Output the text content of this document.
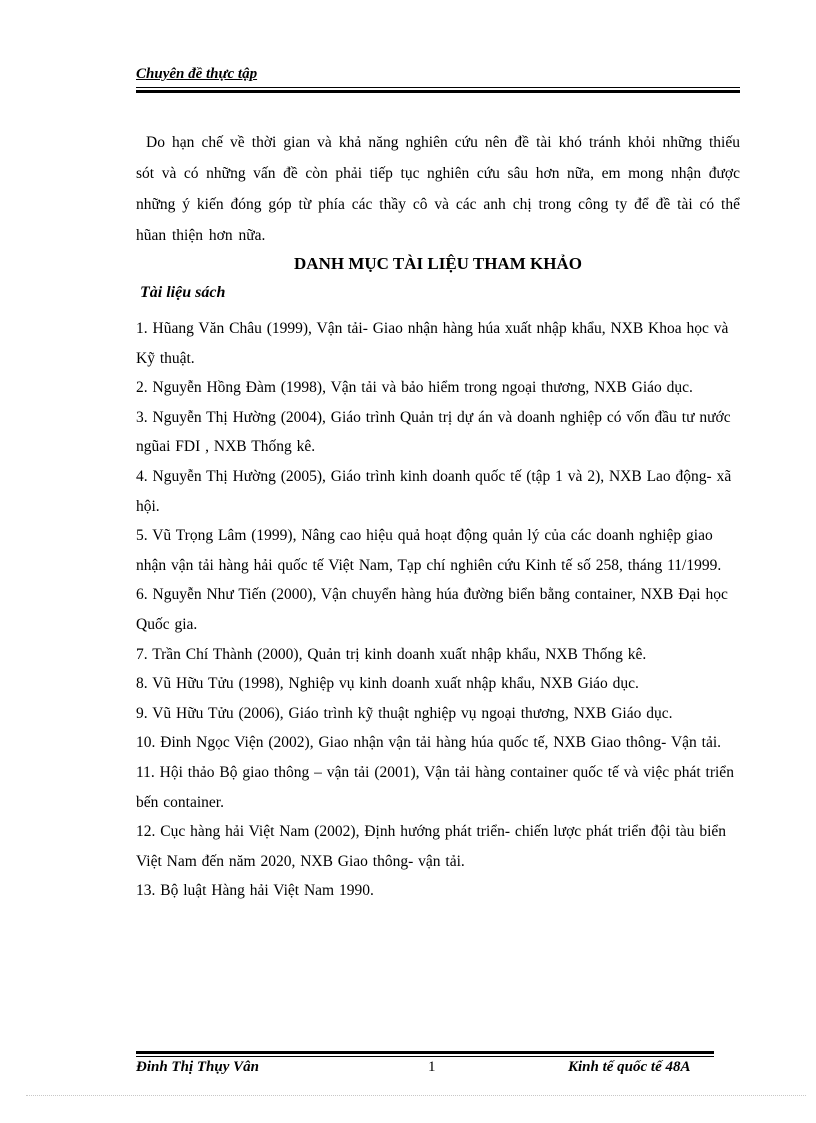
Chuyên đề thực tập

Do hạn chế về thời gian và khả năng nghiên cứu nên đề tài khó tránh khỏi những thiếu sót và có những vấn đề còn phải tiếp tục nghiên cứu sâu hơn nữa, em mong nhận được những ý kiến đóng góp từ phía các thầy cô và các anh chị trong công ty để đề tài có thể hũan thiện hơn nữa.

DANH MỤC TÀI LIỆU THAM KHẢO
Tài liệu sách
1. Hũang Văn Châu (1999), Vận tải- Giao nhận hàng húa xuất nhập khẩu, NXB Khoa học và Kỹ thuật.
2. Nguyễn Hồng Đàm (1998), Vận tải và bảo hiểm trong ngoại thương, NXB Giáo dục.
3. Nguyễn Thị Hường (2004), Giáo trình Quản trị dự án và doanh nghiệp có vốn đầu tư nước ngũai FDI , NXB Thống kê.
4. Nguyễn Thị Hường (2005), Giáo trình kinh doanh quốc tế (tập 1 và 2), NXB Lao động- xã hội.
5. Vũ Trọng Lâm (1999), Nâng cao hiệu quả hoạt động quản lý của các doanh nghiệp giao nhận vận tải hàng hải quốc tế Việt Nam, Tạp chí nghiên cứu Kinh tế số 258, tháng 11/1999.
6. Nguyễn Như Tiến (2000), Vận chuyển hàng húa đường biển bằng container, NXB Đại học Quốc gia.
7. Trần Chí Thành (2000), Quản trị kinh doanh xuất nhập khẩu, NXB Thống kê.
8. Vũ Hữu Tửu (1998), Nghiệp vụ kinh doanh xuất nhập khẩu, NXB Giáo dục.
9. Vũ Hữu Tửu (2006), Giáo trình kỹ thuật nghiệp vụ ngoại thương, NXB Giáo dục.
10. Đinh Ngọc Viện (2002), Giao nhận vận tải hàng húa quốc tế, NXB Giao thông- Vận tải.
11. Hội thảo Bộ giao thông – vận tải (2001), Vận tải hàng container quốc tế và việc phát triển bến container.
12. Cục hàng hải Việt Nam (2002), Định hướng phát triển- chiến lược phát triển đội tàu biển Việt Nam đến năm 2020, NXB Giao thông- vận tải.
13. Bộ luật Hàng hải Việt Nam 1990.
Đinh Thị Thụy Vân	1	Kinh tế quốc tế 48A
